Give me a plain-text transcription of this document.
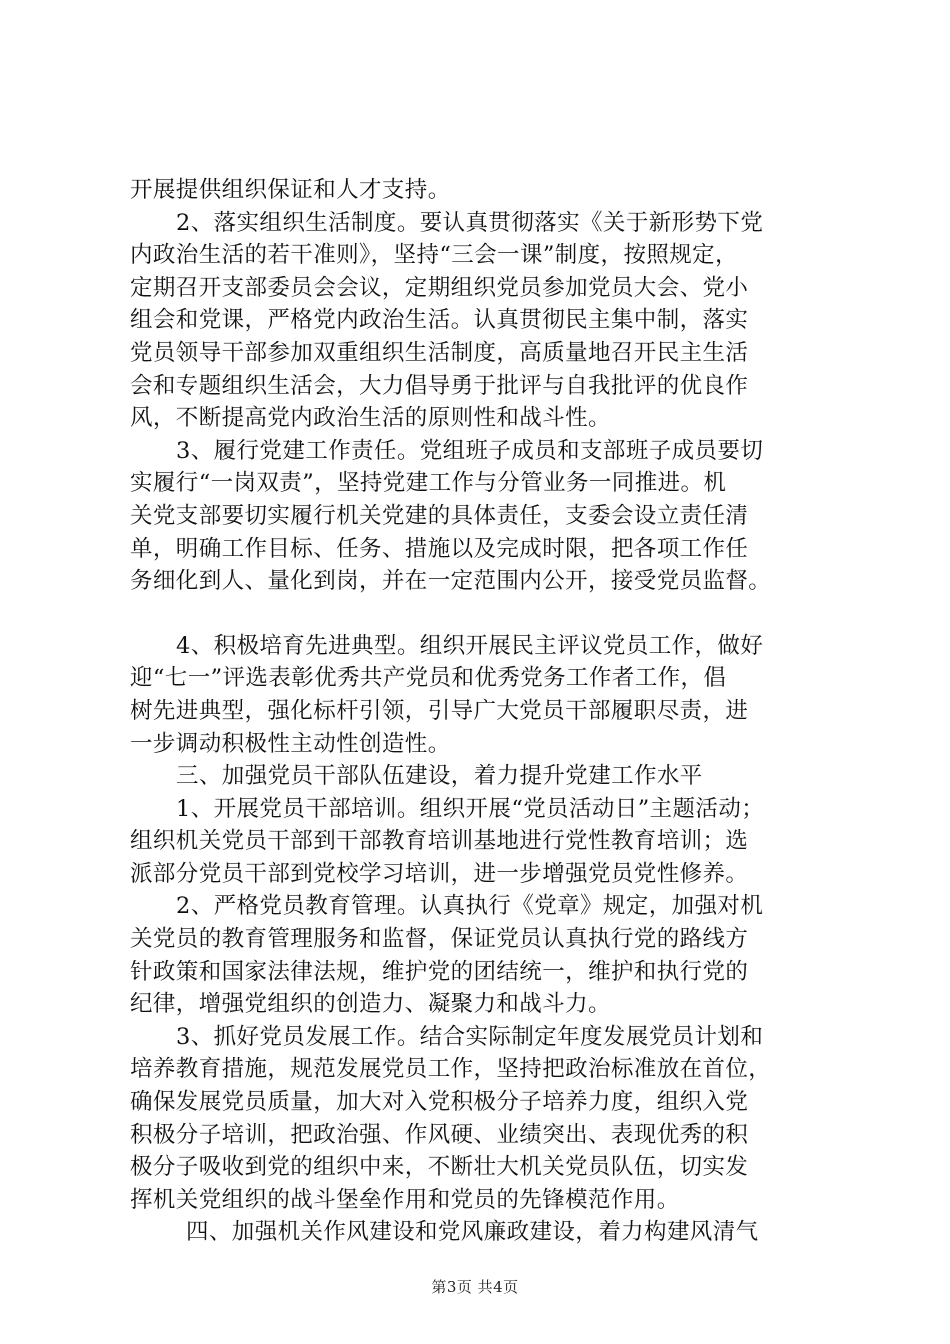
开展提供组织保证和人才支持。
2、落实组织生活制度。要认真贯彻落实《关于新形势下党
内政治生活的若干准则》，坚持“三会一课”制度，按照规定，
定期召开支部委员会会议，定期组织党员参加党员大会、党小
组会和党课，严格党内政治生活。认真贯彻民主集中制，落实
党员领导干部参加双重组织生活制度，高质量地召开民主生活
会和专题组织生活会，大力倡导勇于批评与自我批评的优良作
风，不断提高党内政治生活的原则性和战斗性。
3、履行党建工作责任。党组班子成员和支部班子成员要切
实履行“一岗双责”，坚持党建工作与分管业务一同推进。机
关党支部要切实履行机关党建的具体责任，支委会设立责任清
单，明确工作目标、任务、措施以及完成时限，把各项工作任
务细化到人、量化到岗，并在一定范围内公开，接受党员监督。
4、积极培育先进典型。组织开展民主评议党员工作，做好
迎“七一”评选表彰优秀共产党员和优秀党务工作者工作，倡
树先进典型，强化标杆引领，引导广大党员干部履职尽责，进
一步调动积极性主动性创造性。
三、加强党员干部队伍建设，着力提升党建工作水平
1、开展党员干部培训。组织开展“党员活动日”主题活动；
组织机关党员干部到干部教育培训基地进行党性教育培训；选
派部分党员干部到党校学习培训，进一步增强党员党性修养。
2、严格党员教育管理。认真执行《党章》规定，加强对机
关党员的教育管理服务和监督，保证党员认真执行党的路线方
针政策和国家法律法规，维护党的团结统一，维护和执行党的
纪律，增强党组织的创造力、凝聚力和战斗力。
3、抓好党员发展工作。结合实际制定年度发展党员计划和
培养教育措施，规范发展党员工作，坚持把政治标准放在首位，
确保发展党员质量，加大对入党积极分子培养力度，组织入党
积极分子培训，把政治强、作风硬、业绩突出、表现优秀的积
极分子吸收到党的组织中来，不断壮大机关党员队伍，切实发
挥机关党组织的战斗堡垒作用和党员的先锋模范作用。
四、加强机关作风建设和党风廉政建设，着力构建风清气
第3页 共4页
